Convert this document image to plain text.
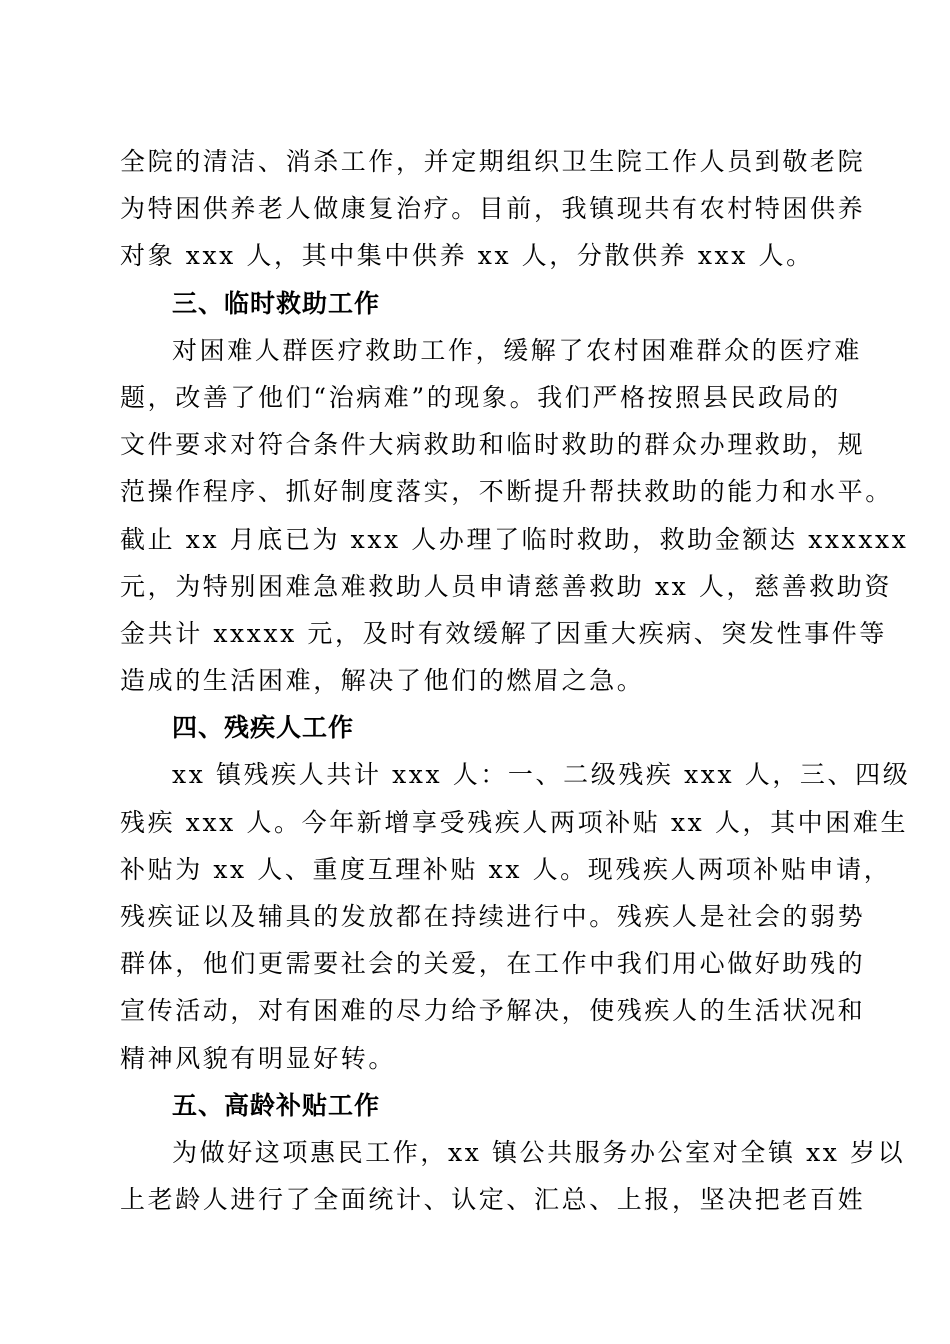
全院的清洁、消杀工作，并定期组织卫生院工作人员到敬老院
为特困供养老人做康复治疗。目前，我镇现共有农村特困供养
对象 xxx 人，其中集中供养 xx 人，分散供养 xxx 人。
三、临时救助工作
对困难人群医疗救助工作，缓解了农村困难群众的医疗难
题，改善了他们“治病难”的现象。我们严格按照县民政局的
文件要求对符合条件大病救助和临时救助的群众办理救助，规
范操作程序、抓好制度落实，不断提升帮扶救助的能力和水平。
截止 xx 月底已为 xxx 人办理了临时救助，救助金额达 xxxxxx
元，为特别困难急难救助人员申请慈善救助 xx 人，慈善救助资
金共计 xxxxx 元，及时有效缓解了因重大疾病、突发性事件等
造成的生活困难，解决了他们的燃眉之急。
四、残疾人工作
xx 镇残疾人共计 xxx 人：一、二级残疾 xxx 人，三、四级
残疾 xxx 人。今年新增享受残疾人两项补贴 xx 人，其中困难生
补贴为 xx 人、重度互理补贴 xx 人。现残疾人两项补贴申请，
残疾证以及辅具的发放都在持续进行中。残疾人是社会的弱势
群体，他们更需要社会的关爱，在工作中我们用心做好助残的
宣传活动，对有困难的尽力给予解决，使残疾人的生活状况和
精神风貌有明显好转。
五、高龄补贴工作
为做好这项惠民工作，xx 镇公共服务办公室对全镇 xx 岁以
上老龄人进行了全面统计、认定、汇总、上报，坚决把老百姓
